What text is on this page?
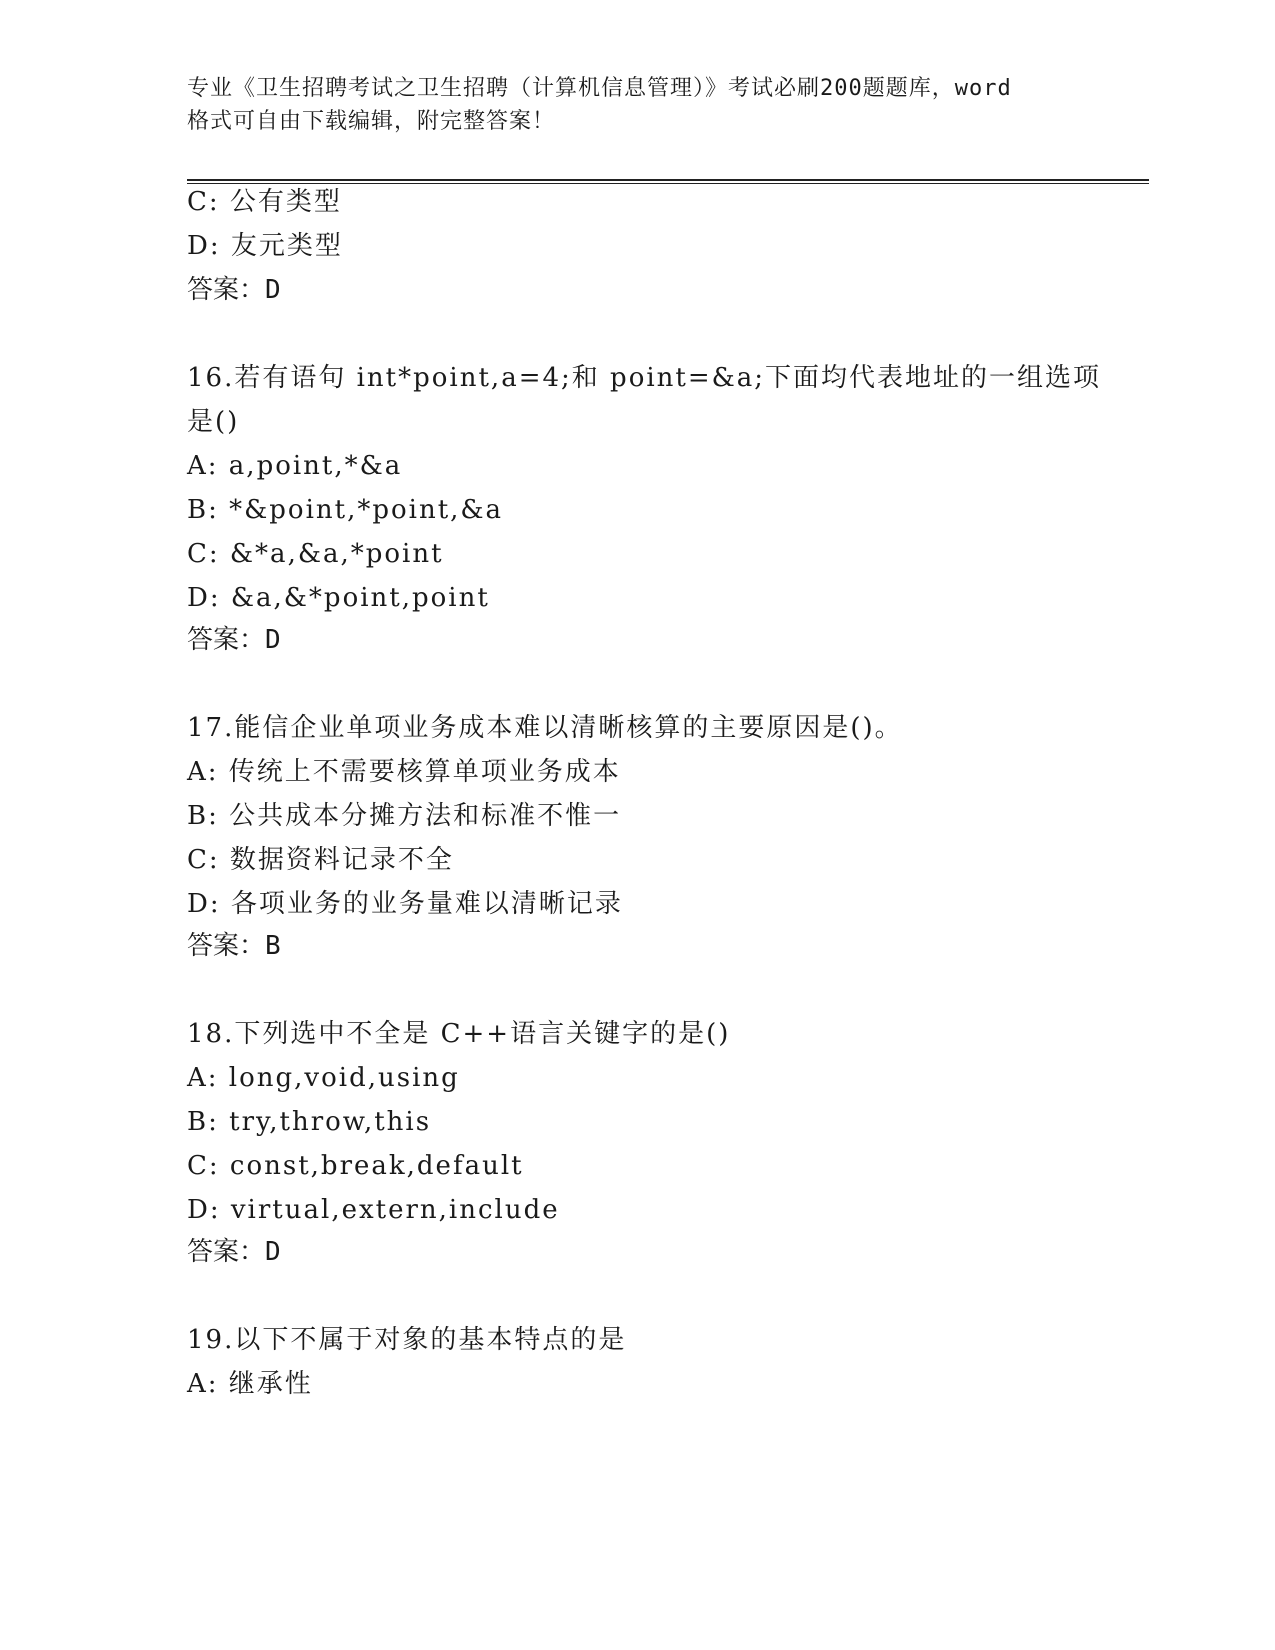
专业《卫生招聘考试之卫生招聘（计算机信息管理）》考试必刷200题题库，word
格式可自由下载编辑，附完整答案！
C: 公有类型
D: 友元类型
答案：D
16.若有语句 int*point,a=4;和 point=&a;下面均代表地址的一组选项
是()
A: a,point,*&a
B: *&point,*point,&a
C: &*a,&a,*point
D: &a,&*point,point
答案：D
17.能信企业单项业务成本难以清晰核算的主要原因是()。
A: 传统上不需要核算单项业务成本
B: 公共成本分摊方法和标准不惟一
C: 数据资料记录不全
D: 各项业务的业务量难以清晰记录
答案：B
18.下列选中不全是 C++语言关键字的是()
A: long,void,using
B: try,throw,this
C: const,break,default
D: virtual,extern,include
答案：D
19.以下不属于对象的基本特点的是
A: 继承性
